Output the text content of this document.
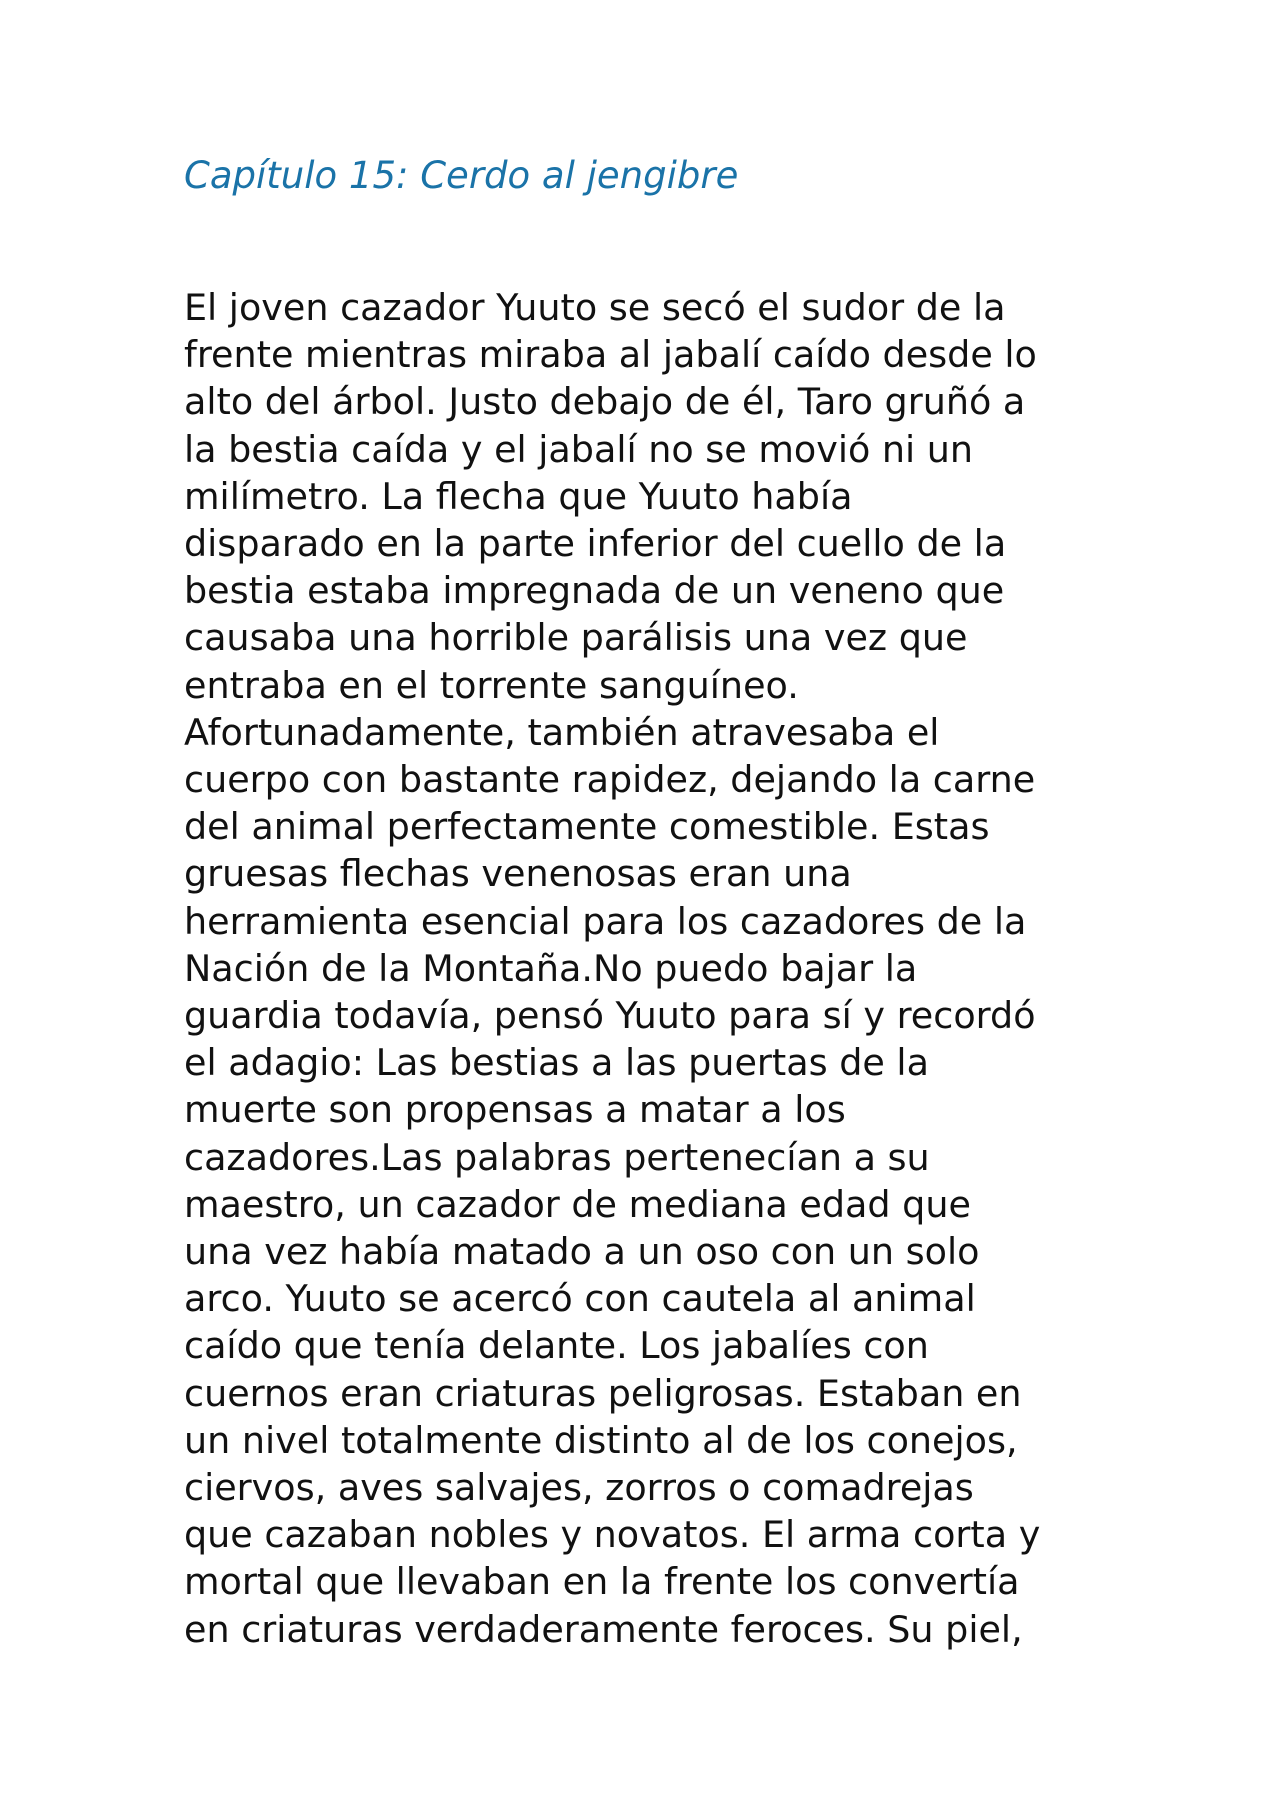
Capítulo 15: Cerdo al jengibre
El joven cazador Yuuto se secó el sudor de la
frente mientras miraba al jabalí caído desde lo
alto del árbol. Justo debajo de él, Taro gruñó a
la bestia caída y el jabalí no se movió ni un
milímetro. La flecha que Yuuto había
disparado en la parte inferior del cuello de la
bestia estaba impregnada de un veneno que
causaba una horrible parálisis una vez que
entraba en el torrente sanguíneo.
Afortunadamente, también atravesaba el
cuerpo con bastante rapidez, dejando la carne
del animal perfectamente comestible. Estas
gruesas flechas venenosas eran una
herramienta esencial para los cazadores de la
Nación de la Montaña.No puedo bajar la
guardia todavía, pensó Yuuto para sí y recordó
el adagio: Las bestias a las puertas de la
muerte son propensas a matar a los
cazadores.Las palabras pertenecían a su
maestro, un cazador de mediana edad que
una vez había matado a un oso con un solo
arco. Yuuto se acercó con cautela al animal
caído que tenía delante. Los jabalíes con
cuernos eran criaturas peligrosas. Estaban en
un nivel totalmente distinto al de los conejos,
ciervos, aves salvajes, zorros o comadrejas
que cazaban nobles y novatos. El arma corta y
mortal que llevaban en la frente los convertía
en criaturas verdaderamente feroces. Su piel,
